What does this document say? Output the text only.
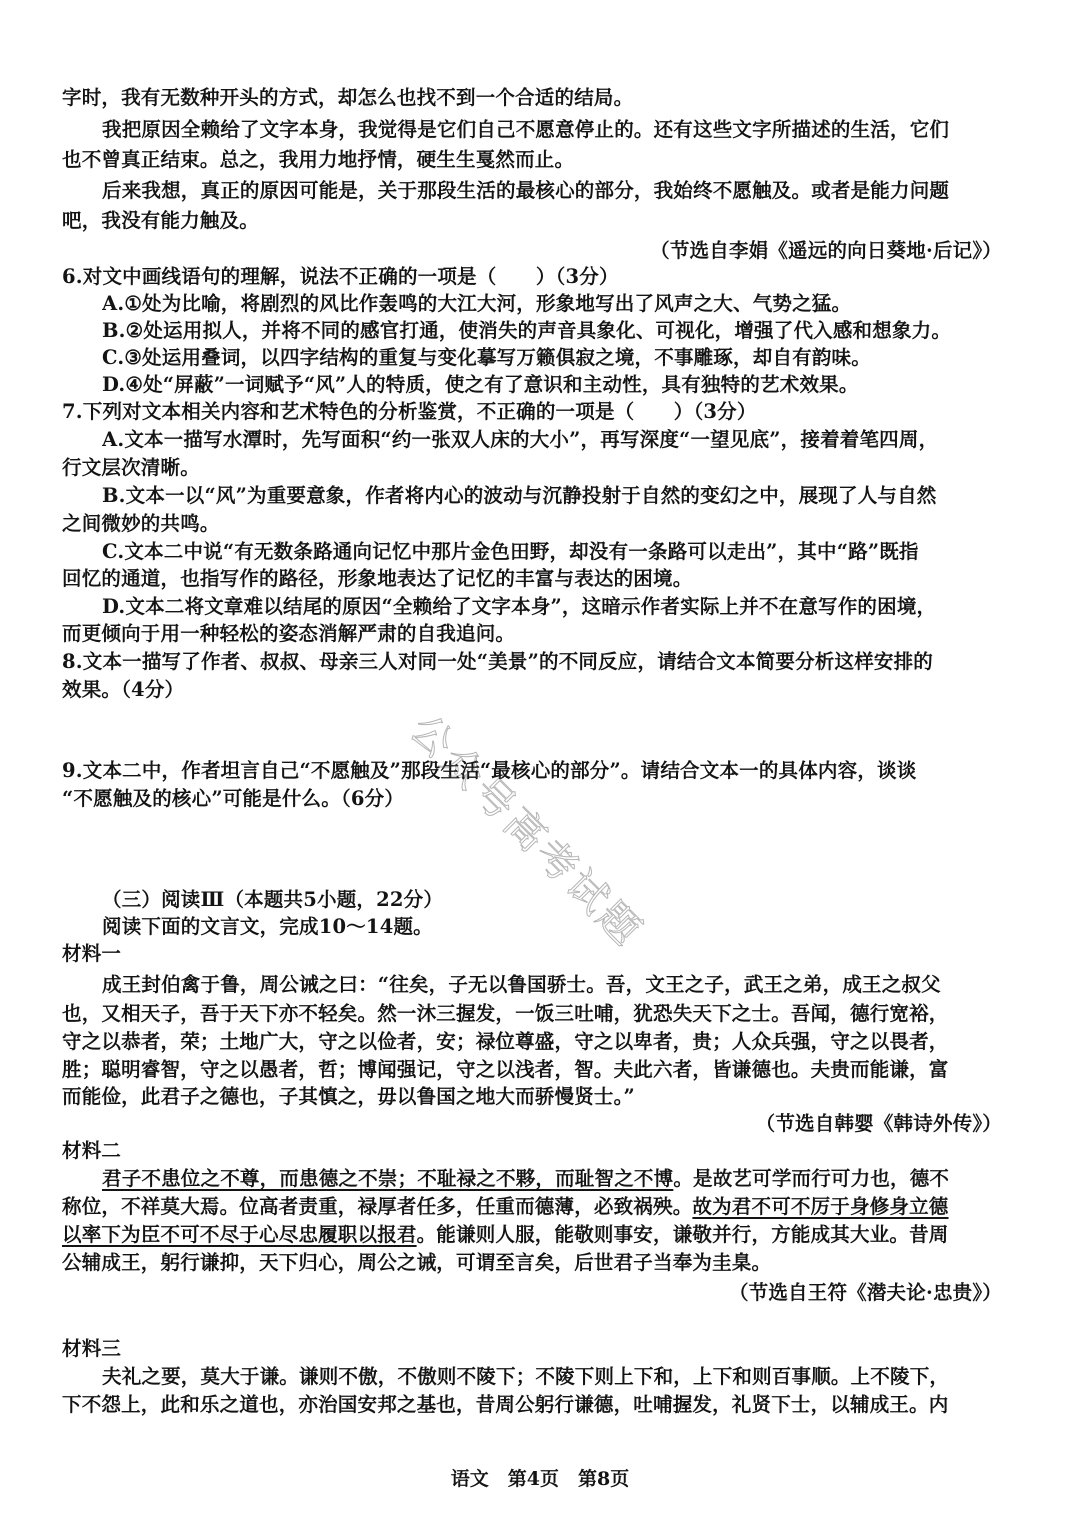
字时，我有无数种开头的方式，却怎么也找不到一个合适的结局。
我把原因全赖给了文字本身，我觉得是它们自己不愿意停止的。还有这些文字所描述的生活，它们
也不曾真正结束。总之，我用力地抒情，硬生生戛然而止。
后来我想，真正的原因可能是，关于那段生活的最核心的部分，我始终不愿触及。或者是能力问题
吧，我没有能力触及。
（节选自李娟《遥远的向日葵地·后记》）
6.对文中画线语句的理解，说法不正确的一项是（　　）（3分）
A.①处为比喻，将剧烈的风比作轰鸣的大江大河，形象地写出了风声之大、气势之猛。
B.②处运用拟人，并将不同的感官打通，使消失的声音具象化、可视化，增强了代入感和想象力。
C.③处运用叠词，以四字结构的重复与变化摹写万籁俱寂之境，不事雕琢，却自有韵味。
D.④处“屏蔽”一词赋予“风”人的特质，使之有了意识和主动性，具有独特的艺术效果。
7.下列对文本相关内容和艺术特色的分析鉴赏，不正确的一项是（　　）（3分）
A.文本一描写水潭时，先写面积“约一张双人床的大小”，再写深度“一望见底”，接着着笔四周，
行文层次清晰。
B.文本一以“风”为重要意象，作者将内心的波动与沉静投射于自然的变幻之中，展现了人与自然
之间微妙的共鸣。
C.文本二中说“有无数条路通向记忆中那片金色田野，却没有一条路可以走出”，其中“路”既指
回忆的通道，也指写作的路径，形象地表达了记忆的丰富与表达的困境。
D.文本二将文章难以结尾的原因“全赖给了文字本身”，这暗示作者实际上并不在意写作的困境，
而更倾向于用一种轻松的姿态消解严肃的自我追问。
8.文本一描写了作者、叔叔、母亲三人对同一处“美景”的不同反应，请结合文本简要分析这样安排的
效果。（4分）
9.文本二中，作者坦言自己“不愿触及”那段生活“最核心的部分”。请结合文本一的具体内容，谈谈
“不愿触及的核心”可能是什么。（6分）
（三）阅读Ⅲ（本题共5小题，22分）
阅读下面的文言文，完成10～14题。
材料一
成王封伯禽于鲁，周公诫之曰：“往矣，子无以鲁国骄士。吾，文王之子，武王之弟，成王之叔父
也，又相天子，吾于天下亦不轻矣。然一沐三握发，一饭三吐哺，犹恐失天下之士。吾闻，德行宽裕，
守之以恭者，荣；土地广大，守之以俭者，安；禄位尊盛，守之以卑者，贵；人众兵强，守之以畏者，
胜；聪明睿智，守之以愚者，哲；博闻强记，守之以浅者，智。夫此六者，皆谦德也。夫贵而能谦，富
而能俭，此君子之德也，子其慎之，毋以鲁国之地大而骄慢贤士。”
（节选自韩婴《韩诗外传》）
材料二
君子不患位之不尊，而患德之不崇；不耻禄之不夥，而耻智之不博。是故艺可学而行可力也，德不
称位，不祥莫大焉。位高者责重，禄厚者任多，任重而德薄，必致祸殃。故为君不可不厉于身修身立德
以率下为臣不可不尽于心尽忠履职以报君。能谦则人服，能敬则事安，谦敬并行，方能成其大业。昔周
公辅成王，躬行谦抑，天下归心，周公之诫，可谓至言矣，后世君子当奉为圭臬。
（节选自王符《潜夫论·忠贵》）
材料三
夫礼之要，莫大于谦。谦则不傲，不傲则不陵下；不陵下则上下和，上下和则百事顺。上不陵下，
下不怨上，此和乐之道也，亦治国安邦之基也，昔周公躬行谦德，吐哺握发，礼贤下士，以辅成王。内
语文　第4页　第8页
公众号高考试题
